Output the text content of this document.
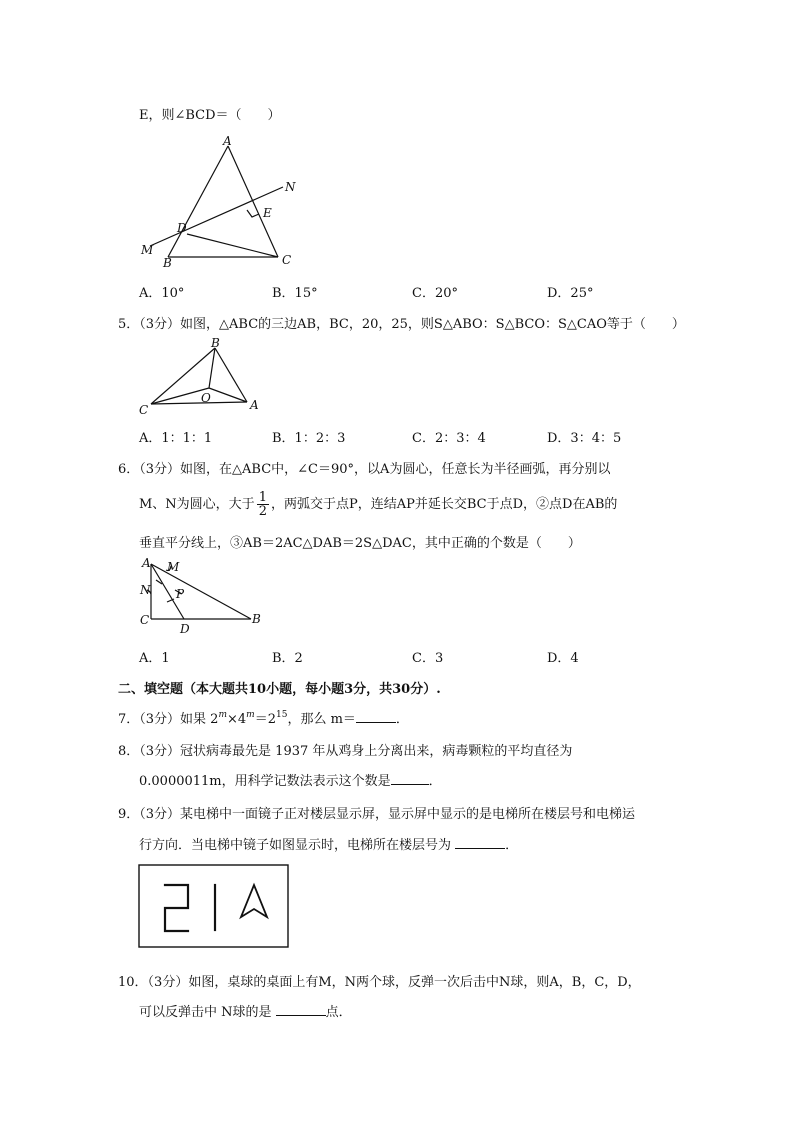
E，则∠BCD＝（　　）
A
N
E
D
M
B	C
A．10°	B．15°	C．20°	D．25°
5．（3分）如图，△ABC的三边AB，BC，20，25，则S△ABO：S△BCO：S△CAO等于（　　）
B
C
O	A
A．1：1：1	B．1：2：3	C．2：3：4	D．3：4：5
6．（3分）如图，在△ABC中，∠C＝90°，以A为圆心，任意长为半径画弧，再分别以
M、N为圆心，大于 $\frac{1}{2}$ ，两弧交于点P，连结AP并延长交BC于点D，②点D在AB的
垂直平分线上，③AB＝2AC△DAB＝2S△DAC，其中正确的个数是（　　）
A M
N P
C
D
B
A．1	B．2	C．3	D．4
二、填空题（本大题共10小题，每小题3分，共30分）.
7．（3分）如果 $2^m\times 4^m=2^{15}$，那么 m＝	．
8．（3分）冠状病毒最先是 1937 年从鸡身上分离出来，病毒颗粒的平均直径为
0.0000011m，用科学记数法表示这个数是	．
9．（3分）某电梯中一面镜子正对楼层显示屏，显示屏中显示的是电梯所在楼层号和电梯运
行方向．当电梯中镜子如图显示时，电梯所在楼层号为	．
10．（3分）如图，桌球的桌面上有M，N两个球，反弹一次后击中N球，则A，B，C，D，
可以反弹击中 N球的是	点．
